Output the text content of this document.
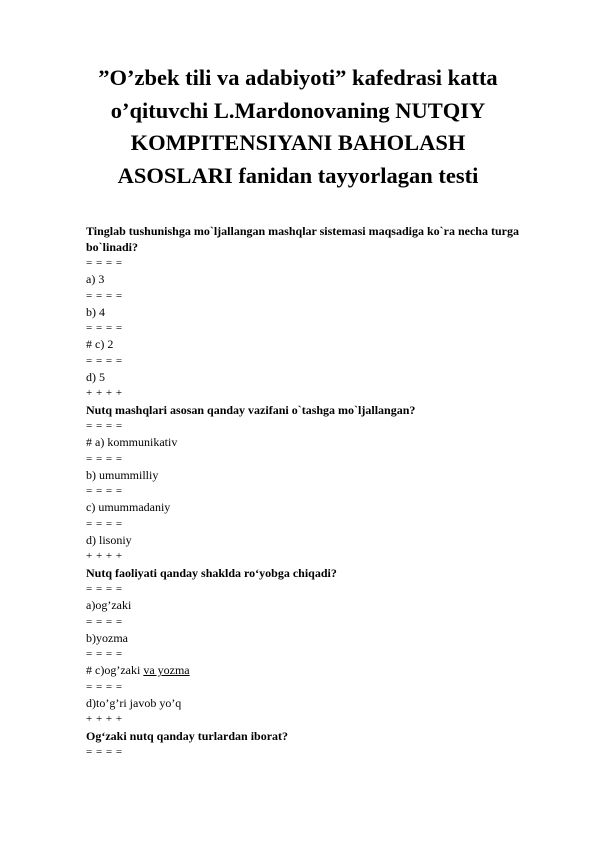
”O’zbek tili va adabiyoti” kafedrasi katta
o’qituvchi L.Mardonovaning NUTQIY
KOMPITENSIYANI BAHOLASH
ASOSLARI fanidan tayyorlagan testi
Tinglab tushunishga mo`ljallangan mashqlar sistemasi maqsadiga ko`ra necha turga bo`linadi?
= = = =
a) 3
= = = =
b) 4
= = = =
# c) 2
= = = =
d) 5
+ + + +
Nutq mashqlari asosan qanday vazifani o`tashga mo`ljallangan?
= = = =
# a) kommunikativ
= = = =
b) umummilliy
= = = =
c) umummadaniy
= = = =
d) lisoniy
+ + + +
Nutq faoliyati qanday shaklda ro‘yobga chiqadi?
= = = =
a)og’zaki
= = = =
b)yozma
= = = =
# c)og’zaki va yozma
= = = =
d)to’g’ri javob yo’q
+ + + +
Og‘zaki nutq qanday turlardan iborat?
= = = =
